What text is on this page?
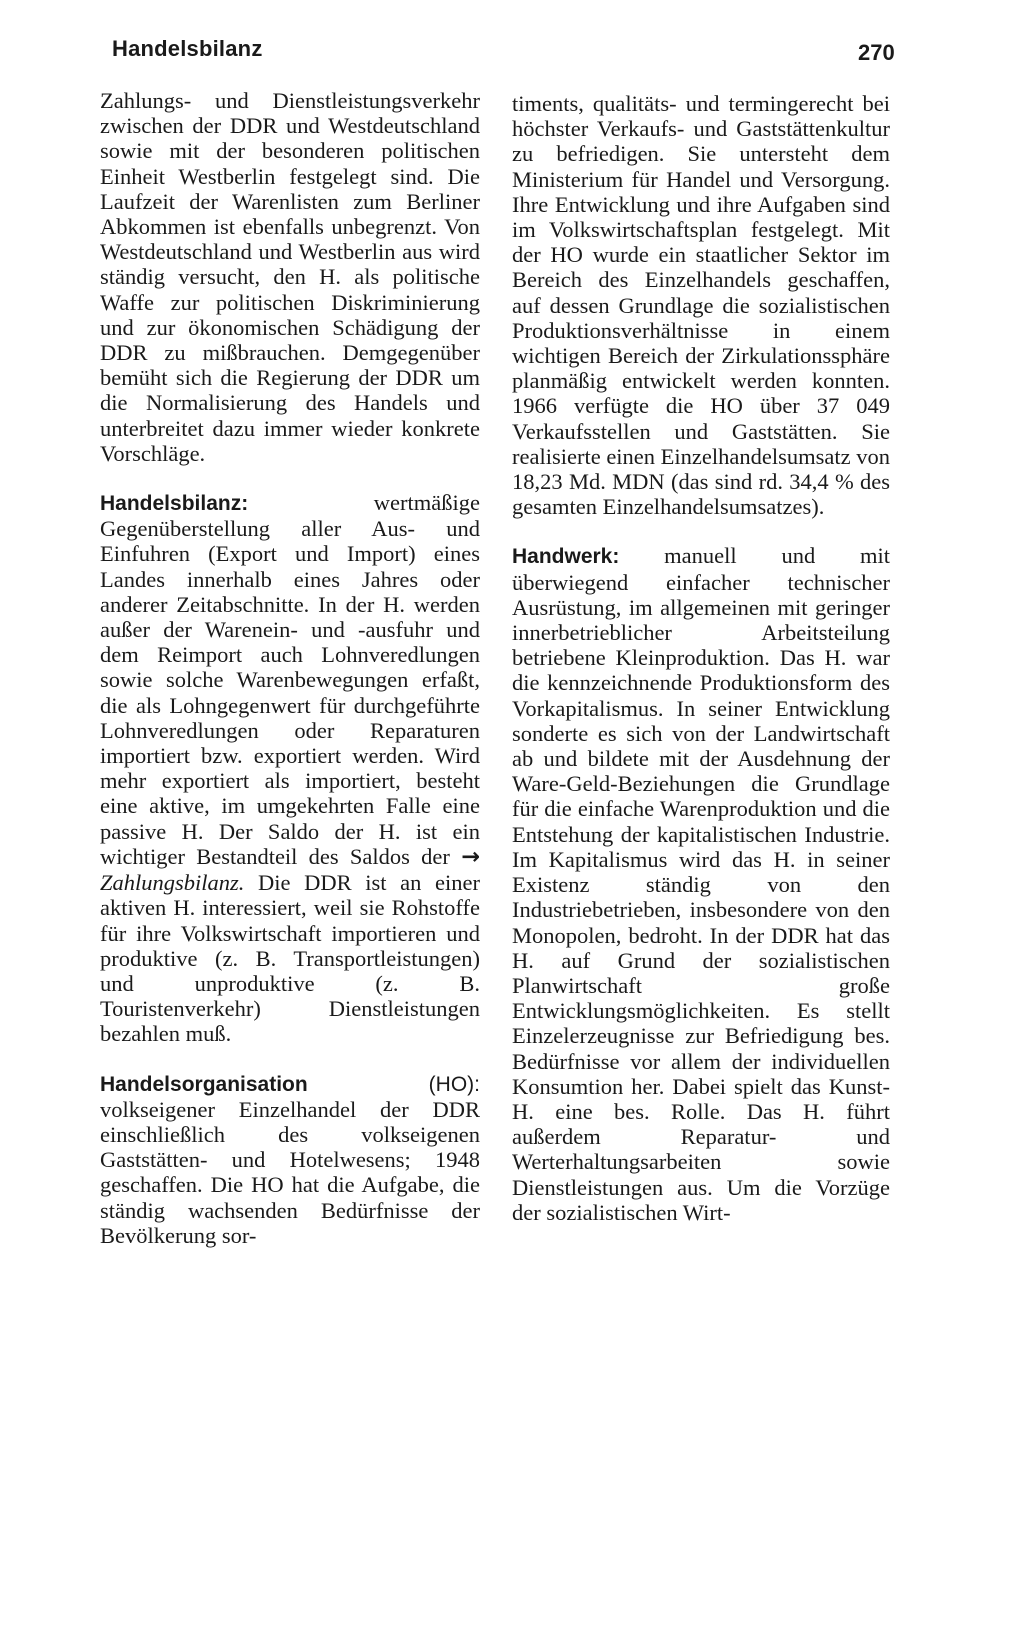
Handelsbilanz	270

Zahlungs- und Dienstleistungsverkehr zwischen der DDR und Westdeutschland sowie mit der besonderen politischen Einheit Westberlin festgelegt sind. Die Laufzeit der Warenlisten zum Berliner Abkommen ist ebenfalls unbegrenzt. Von Westdeutschland und Westberlin aus wird ständig versucht, den H. als politische Waffe zur politischen Diskriminierung und zur ökonomischen Schädigung der DDR zu mißbrauchen. Demgegenüber bemüht sich die Regierung der DDR um die Normalisierung des Handels und unterbreitet dazu immer wieder konkrete Vorschläge.

Handelsbilanz: wertmäßige Gegenüberstellung aller Aus- und Einfuhren (Export und Import) eines Landes innerhalb eines Jahres oder anderer Zeitabschnitte. In der H. werden außer der Warenein- und -ausfuhr und dem Reimport auch Lohnveredlungen sowie solche Warenbewegungen erfaßt, die als Lohngegenwert für durchgeführte Lohnveredlungen oder Reparaturen importiert bzw. exportiert werden. Wird mehr exportiert als importiert, besteht eine aktive, im umgekehrten Falle eine passive H. Der Saldo der H. ist ein wichtiger Bestandteil des Saldos der → Zahlungsbilanz. Die DDR ist an einer aktiven H. interessiert, weil sie Rohstoffe für ihre Volkswirtschaft importieren und produktive (z. B. Transportleistungen) und unproduktive (z. B. Touristenverkehr) Dienstleistungen bezahlen muß.

Handelsorganisation (HO): volkseigener Einzelhandel der DDR einschließlich des volkseigenen Gaststätten- und Hotelwesens; 1948 geschaffen. Die HO hat die Aufgabe, die ständig wachsenden Bedürfnisse der Bevölkerung sor-

timents, qualitäts- und termingerecht bei höchster Verkaufs- und Gaststättenkultur zu befriedigen. Sie untersteht dem Ministerium für Handel und Versorgung. Ihre Entwicklung und ihre Aufgaben sind im Volkswirtschaftsplan festgelegt. Mit der HO wurde ein staatlicher Sektor im Bereich des Einzelhandels geschaffen, auf dessen Grundlage die sozialistischen Produktionsverhältnisse in einem wichtigen Bereich der Zirkulationssphäre planmäßig entwickelt werden konnten. 1966 verfügte die HO über 37 049 Verkaufsstellen und Gaststätten. Sie realisierte einen Einzelhandelsumsatz von 18,23 Md. MDN (das sind rd. 34,4 % des gesamten Einzelhandelsumsatzes).

Handwerk: manuell und mit überwiegend einfacher technischer Ausrüstung, im allgemeinen mit geringer innerbetrieblicher Arbeitsteilung betriebene Kleinproduktion. Das H. war die kennzeichnende Produktionsform des Vorkapitalismus. In seiner Entwicklung sonderte es sich von der Landwirtschaft ab und bildete mit der Ausdehnung der Ware-Geld-Beziehungen die Grundlage für die einfache Warenproduktion und die Entstehung der kapitalistischen Industrie. Im Kapitalismus wird das H. in seiner Existenz ständig von den Industriebetrieben, insbesondere von den Monopolen, bedroht. In der DDR hat das H. auf Grund der sozialistischen Planwirtschaft große Entwicklungsmöglichkeiten. Es stellt Einzelerzeugnisse zur Befriedigung bes. Bedürfnisse vor allem der individuellen Konsumtion her. Dabei spielt das Kunst-H. eine bes. Rolle. Das H. führt außerdem Reparatur- und Werterhaltungsarbeiten sowie Dienstleistungen aus. Um die Vorzüge der sozialistischen Wirt-
